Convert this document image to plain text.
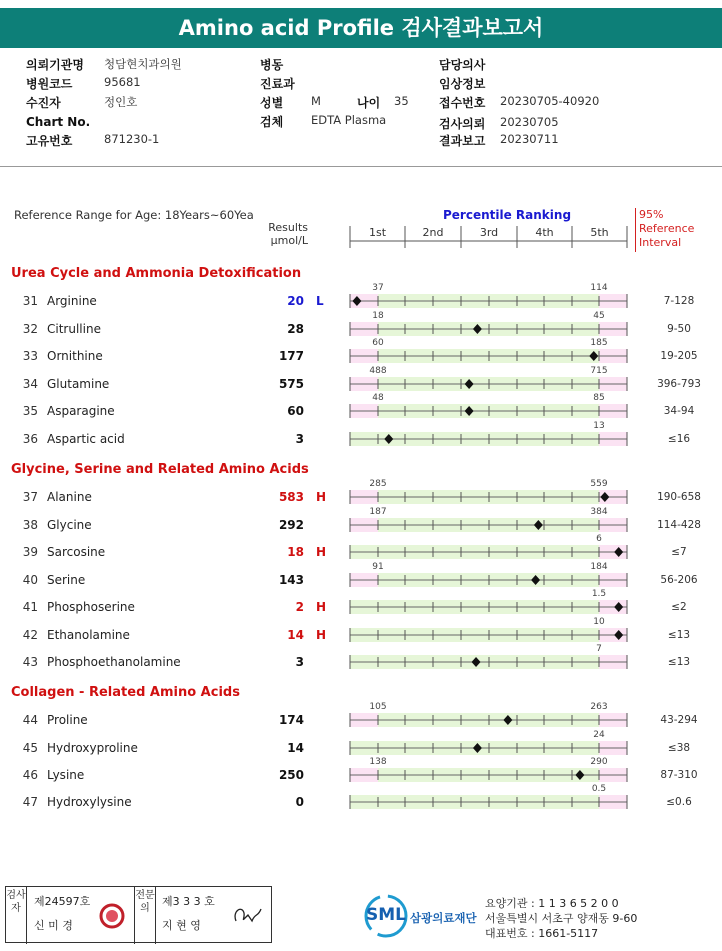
Amino acid Profile 검사결과보고서
의뢰기관명 청담현치과의원
병원코드	95681
수진자	정인호
Chart No.
고유번호	871230-1
병동
진료과
성별 M
검체 EDTA Plasma
나이 35
담당의사
임상정보
접수번호 20230705-40920
검사의뢰 20230705
결과보고 20230711
Reference Range for Age: 18Years~60Yea
Results
μmol/L
Percentile Ranking	95%
Reference
Interval
1st	2nd	3rd	4th	5th
Urea Cycle and Ammonia Detoxification
31 Arginine	20 L	7-128
37	114
32 Citrulline	28	9-50
18	45
33 Ornithine	177	19-205
60	185
34 Glutamine	575	396-793
488	715
35 Asparagine	60	34-94
48	85
36 Aspartic acid	3	≤16
13
Glycine, Serine and Related Amino Acids
37 Alanine	583 H	190-658
285	559
38 Glycine	292	114-428
187	384
39 Sarcosine	18 H	≤7
6
40 Serine	143	56-206
91	184
41 Phosphoserine	2 H	≤2
1.5
42 Ethanolamine	14 H	≤13
10
43 Phosphoethanolamine	3	≤13
7
Collagen - Related Amino Acids
44 Proline	174	43-294
105	263
45 Hydroxyproline	14	≤38
24
46 Lysine	250	87-310
138	290
47 Hydroxylysine	0	≤0.6
0.5
검사자
제24597호
신 미 경
전문의
제3 3 3 호
지 현 영
SML 삼광의료재단
요양기관 : 1 1 3 6 5 2 0 0
서울특별시 서초구 양재동 9-60
대표번호 : 1661-5117
